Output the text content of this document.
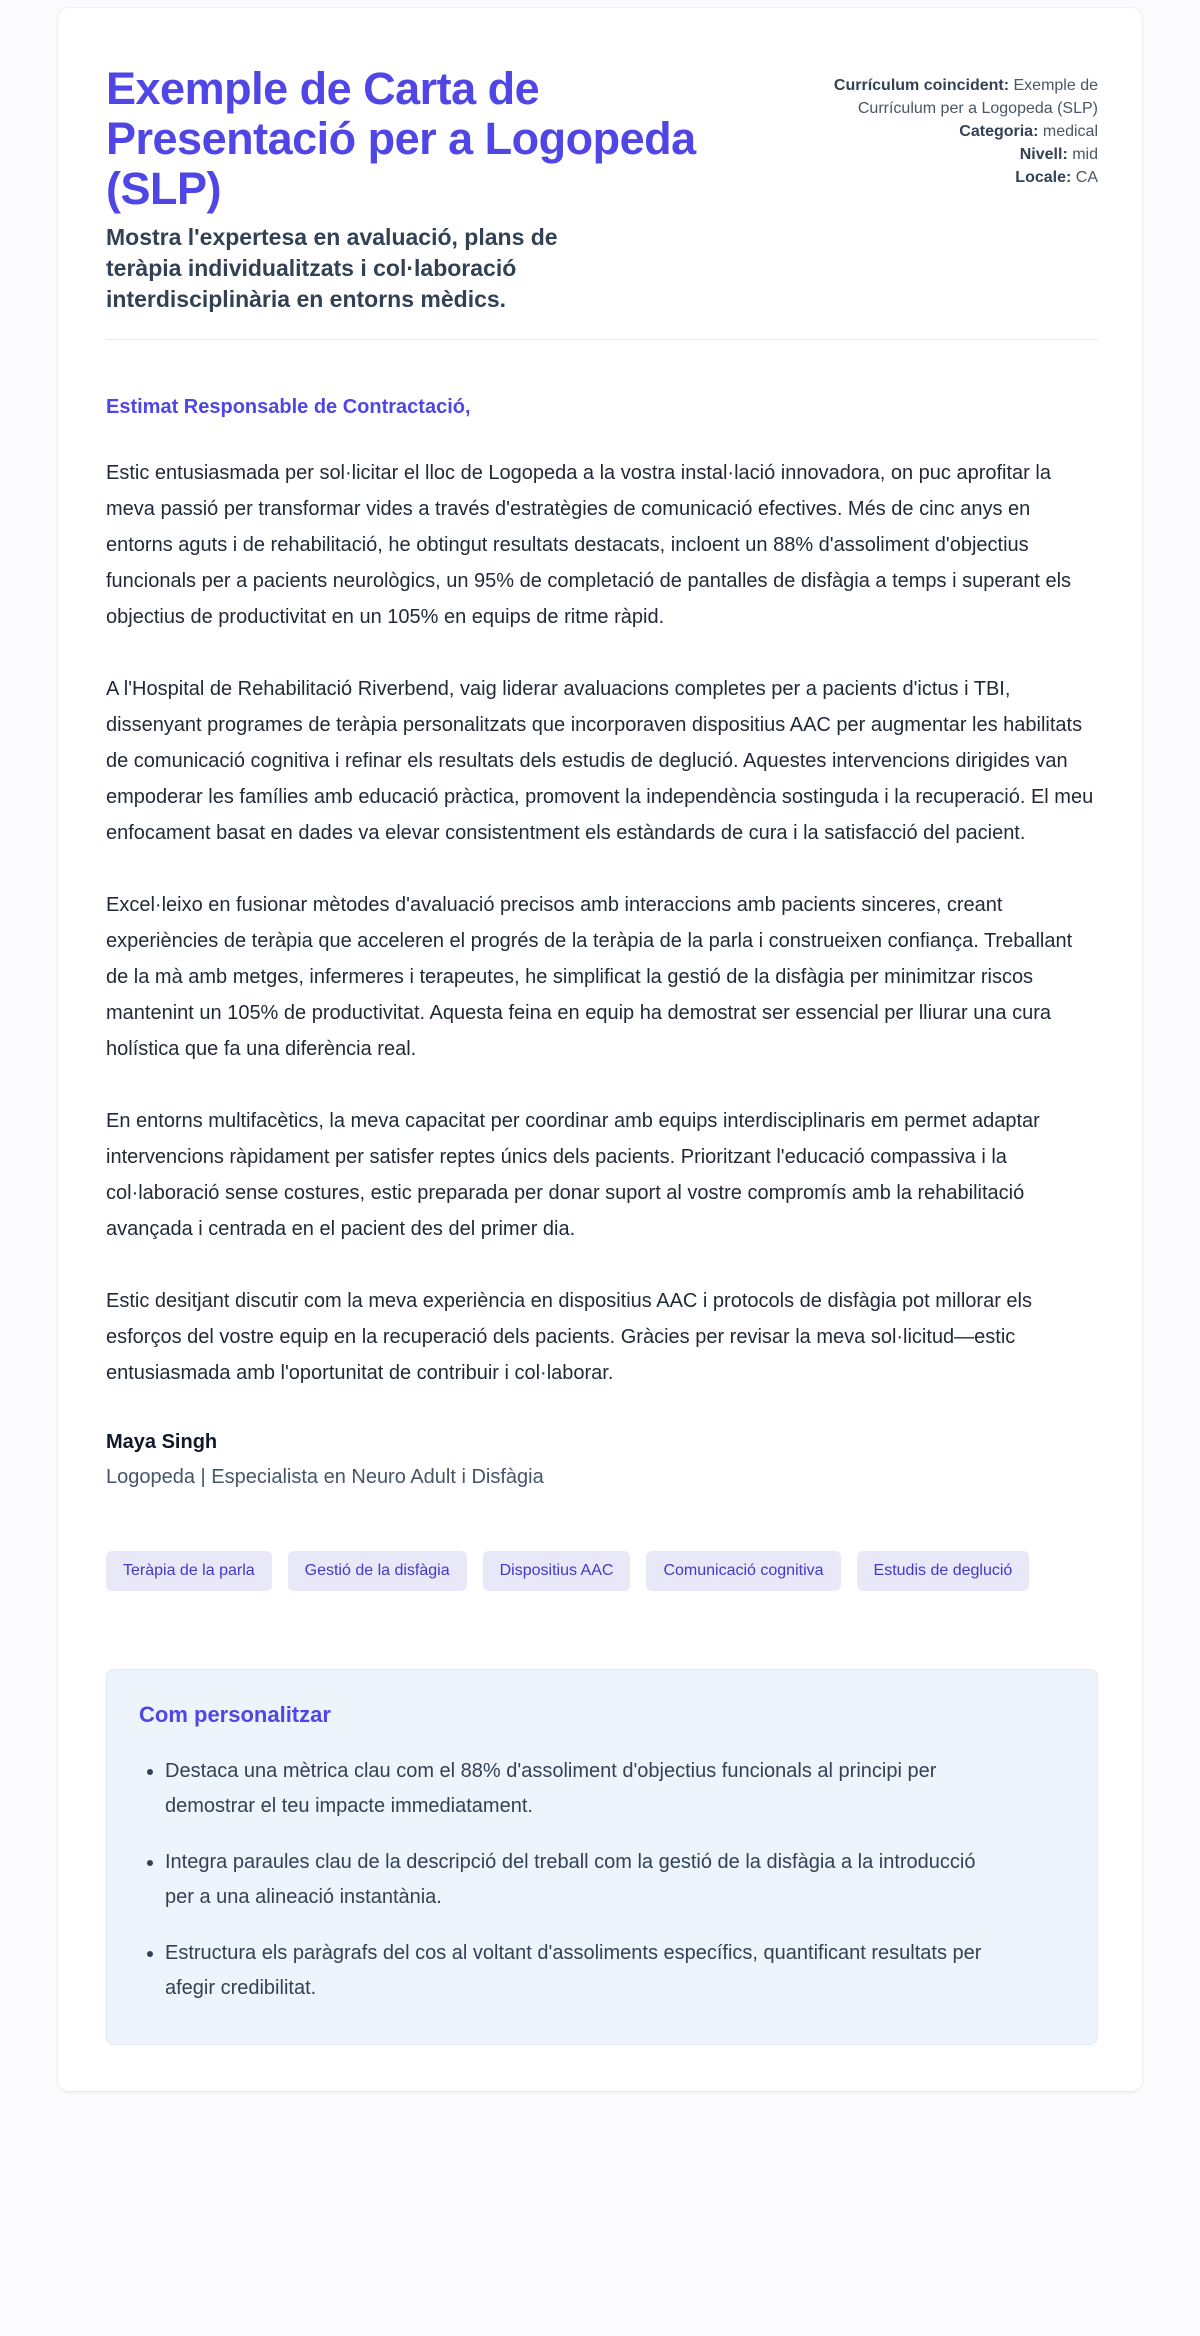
Exemple de Carta de Presentació per a Logopeda (SLP)
Mostra l'expertesa en avaluació, plans de teràpia individualitzats i col·laboració interdisciplinària en entorns mèdics.
Currículum coincident: Exemple de Currículum per a Logopeda (SLP)
Categoria: medical
Nivell: mid
Locale: CA
Estimat Responsable de Contractació,

Estic entusiasmada per sol·licitar el lloc de Logopeda a la vostra instal·lació innovadora, on puc aprofitar la meva passió per transformar vides a través d'estratègies de comunicació efectives. Més de cinc anys en entorns aguts i de rehabilitació, he obtingut resultats destacats, incloent un 88% d'assoliment d'objectius funcionals per a pacients neurològics, un 95% de completació de pantalles de disfàgia a temps i superant els objectius de productivitat en un 105% en equips de ritme ràpid.

A l'Hospital de Rehabilitació Riverbend, vaig liderar avaluacions completes per a pacients d'ictus i TBI, dissenyant programes de teràpia personalitzats que incorporaven dispositius AAC per augmentar les habilitats de comunicació cognitiva i refinar els resultats dels estudis de deglució. Aquestes intervencions dirigides van empoderar les famílies amb educació pràctica, promovent la independència sostinguda i la recuperació. El meu enfocament basat en dades va elevar consistentment els estàndards de cura i la satisfacció del pacient.

Excel·leixo en fusionar mètodes d'avaluació precisos amb interaccions amb pacients sinceres, creant experiències de teràpia que acceleren el progrés de la teràpia de la parla i construeixen confiança. Treballant de la mà amb metges, infermeres i terapeutes, he simplificat la gestió de la disfàgia per minimitzar riscos mantenint un 105% de productivitat. Aquesta feina en equip ha demostrat ser essencial per lliurar una cura holística que fa una diferència real.

En entorns multifacètics, la meva capacitat per coordinar amb equips interdisciplinaris em permet adaptar intervencions ràpidament per satisfer reptes únics dels pacients. Prioritzant l'educació compassiva i la col·laboració sense costures, estic preparada per donar suport al vostre compromís amb la rehabilitació avançada i centrada en el pacient des del primer dia.

Estic desitjant discutir com la meva experiència en dispositius AAC i protocols de disfàgia pot millorar els esforços del vostre equip en la recuperació dels pacients. Gràcies per revisar la meva sol·licitud—estic entusiasmada amb l'oportunitat de contribuir i col·laborar.

Maya Singh
Logopeda | Especialista en Neuro Adult i Disfàgia
Teràpia de la parla	Gestió de la disfàgia	Dispositius AAC	Comunicació cognitiva	Estudis de deglució
Com personalitzar
• Destaca una mètrica clau com el 88% d'assoliment d'objectius funcionals al principi per demostrar el teu impacte immediatament.
• Integra paraules clau de la descripció del treball com la gestió de la disfàgia a la introducció per a una alineació instantània.
• Estructura els paràgrafs del cos al voltant d'assoliments específics, quantificant resultats per afegir credibilitat.
